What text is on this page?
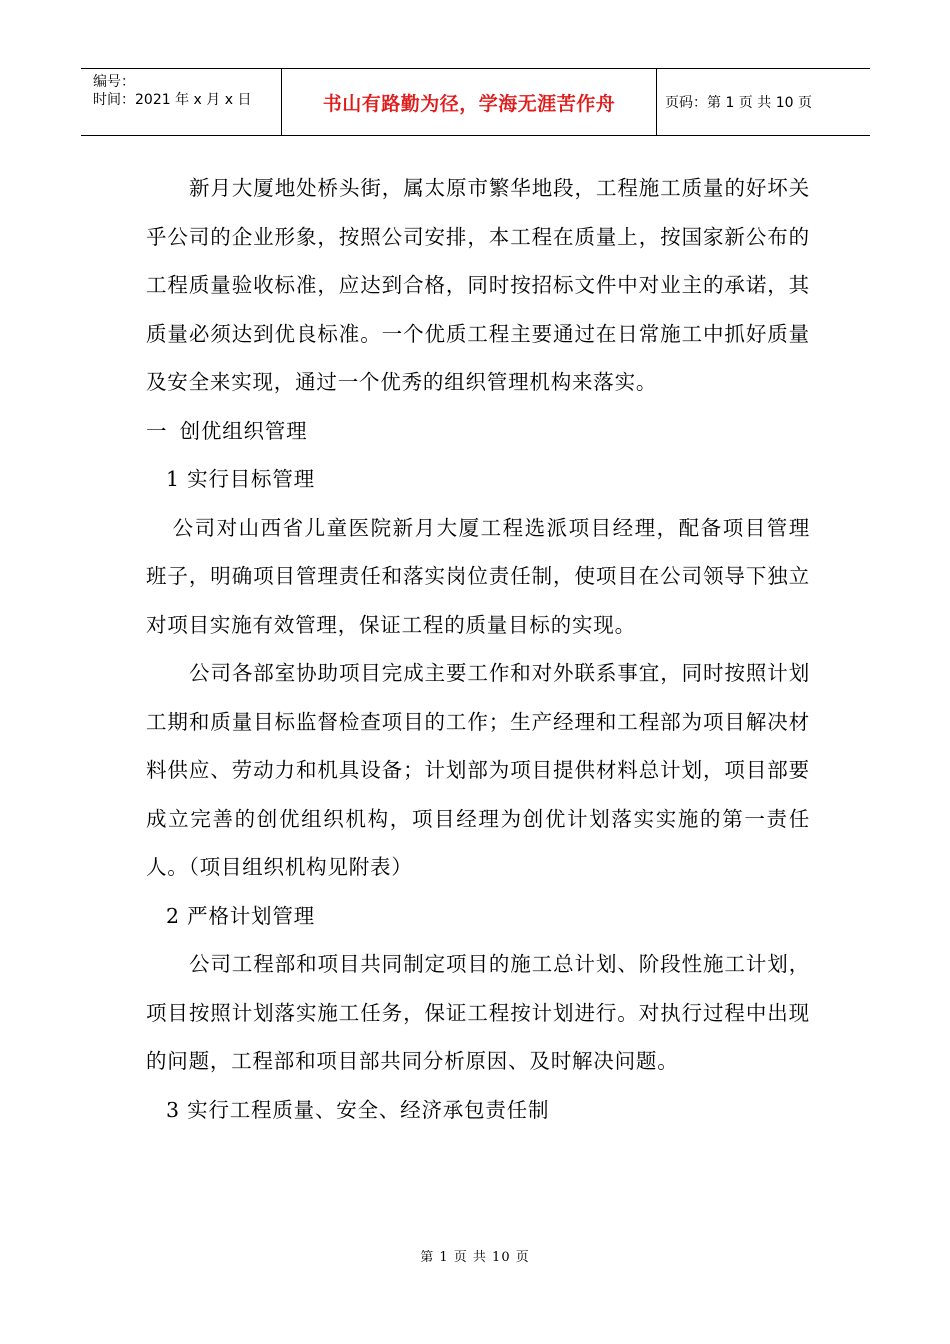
编号：
时间：2021 年 x 月 x 日	书山有路勤为径，学海无涯苦作舟	页码：第 1 页 共 10 页

新月大厦地处桥头街，属太原市繁华地段，工程施工质量的好坏关乎公司的企业形象，按照公司安排，本工程在质量上，按国家新公布的工程质量验收标准，应达到合格，同时按招标文件中对业主的承诺，其质量必须达到优良标准。一个优质工程主要通过在日常施工中抓好质量及安全来实现，通过一个优秀的组织管理机构来落实。

一 创优组织管理

1 实行目标管理

公司对山西省儿童医院新月大厦工程选派项目经理，配备项目管理班子，明确项目管理责任和落实岗位责任制，使项目在公司领导下独立对项目实施有效管理，保证工程的质量目标的实现。

公司各部室协助项目完成主要工作和对外联系事宜，同时按照计划工期和质量目标监督检查项目的工作；生产经理和工程部为项目解决材料供应、劳动力和机具设备；计划部为项目提供材料总计划，项目部要成立完善的创优组织机构，项目经理为创优计划落实实施的第一责任人。（项目组织机构见附表）

2 严格计划管理

公司工程部和项目共同制定项目的施工总计划、阶段性施工计划，项目按照计划落实施工任务，保证工程按计划进行。对执行过程中出现的问题，工程部和项目部共同分析原因、及时解决问题。

3 实行工程质量、安全、经济承包责任制

第 1 页 共 10 页
